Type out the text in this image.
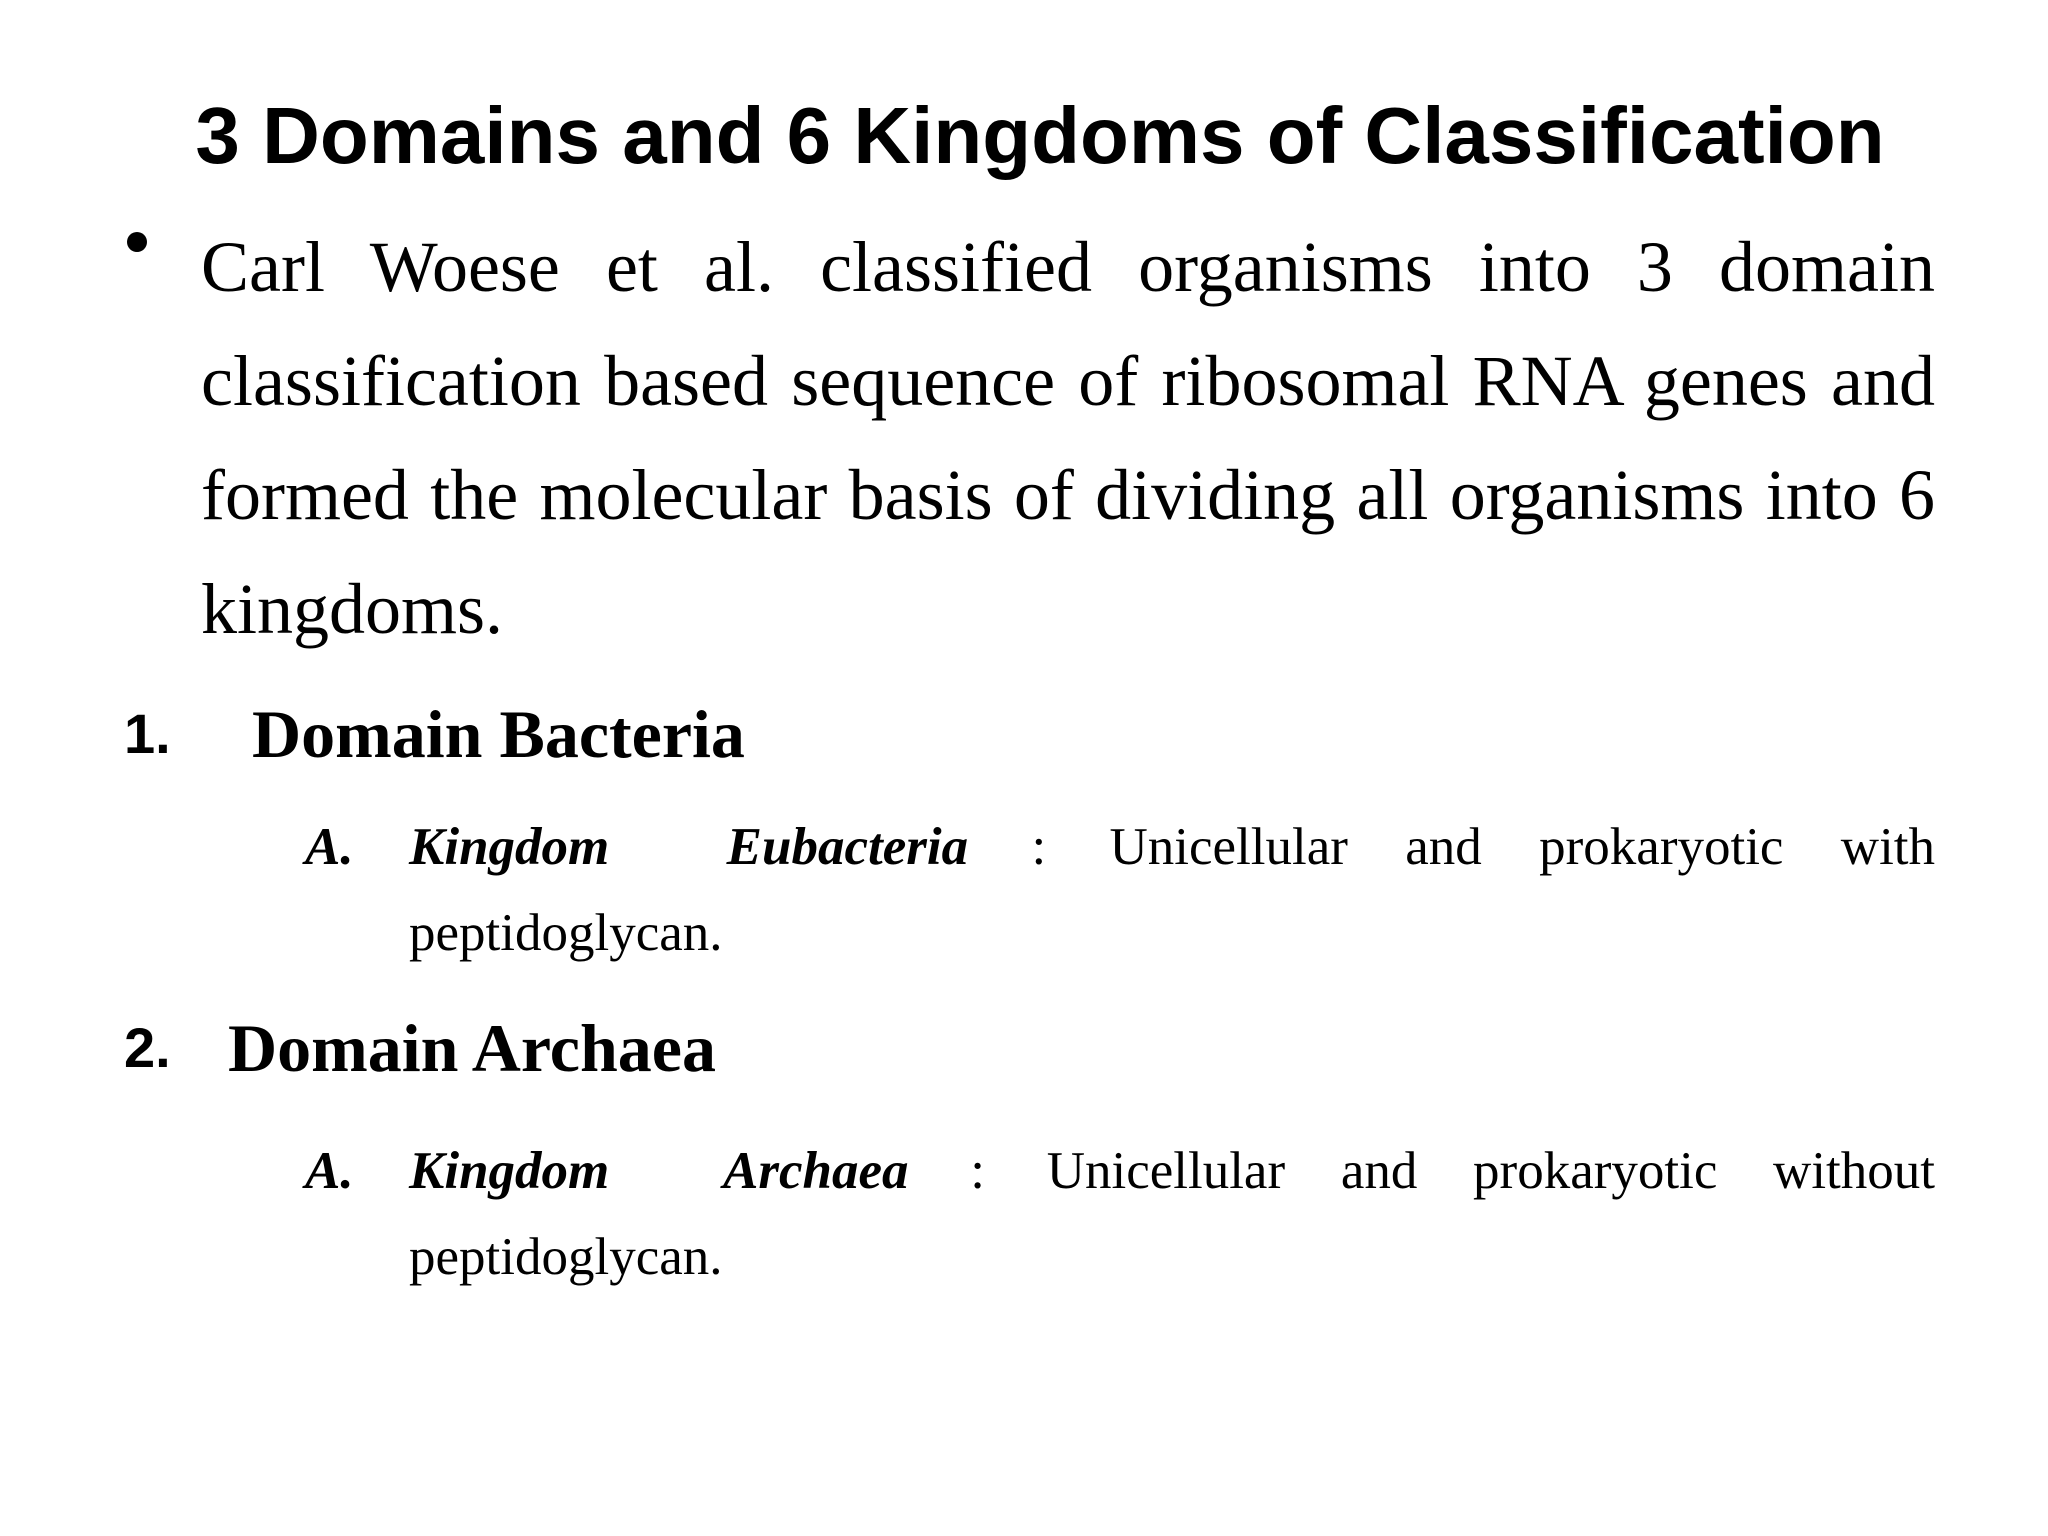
3 Domains and 6 Kingdoms of Classification
Carl Woese et al. classified organisms into 3 domain classification based sequence of ribosomal RNA genes and formed the molecular basis of dividing all organisms into 6 kingdoms.
1. Domain Bacteria
A. Kingdom Eubacteria : Unicellular and prokaryotic with peptidoglycan.
2. Domain Archaea
A. Kingdom Archaea : Unicellular and prokaryotic without peptidoglycan.
